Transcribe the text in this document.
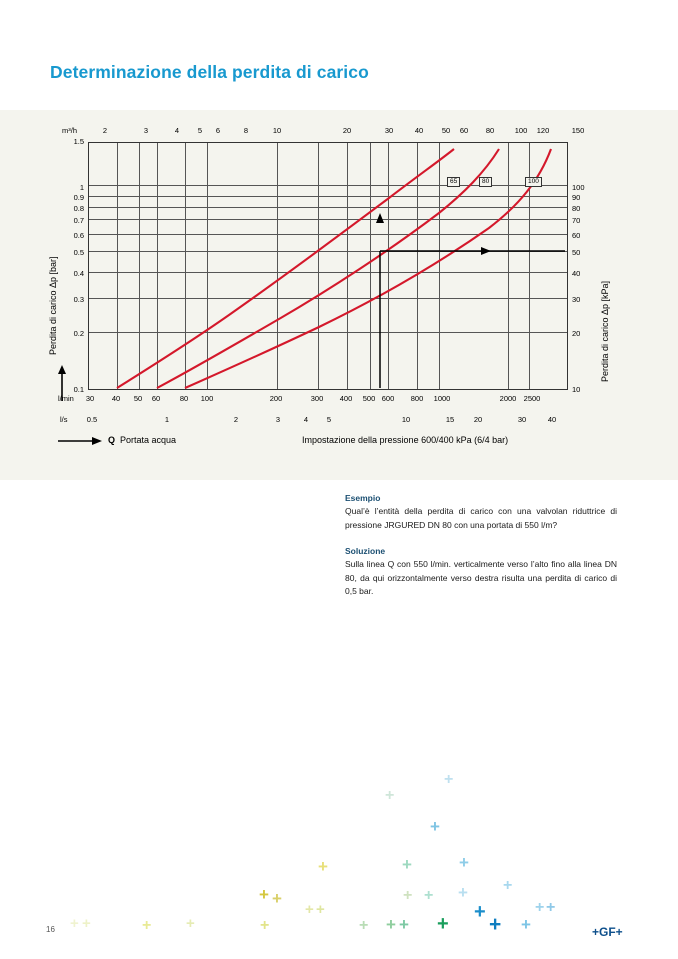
Determinazione della perdita di carico
m³/h	2	3	4	5 6	8	10	20	30	40 50 60 80	100 120	150
1.5
1
0.9
0.8
0.7
0.6
0.5
0.4
0.3
0.2
0.1
100
90
80
70
60
50
40
30
20
10
Perdita di carico Δp [bar]	Perdita di carico Δp [kPa]
65	80	100
l/min 30 40 50 60	80 100	200	300 400 500 600 800 1000	2000 2500
l/s	0.5	1	2	3	4	5	10	15	20	30	40
Q Portata acqua	Impostazione della pressione 600/400 kPa (6/4 bar)
Esempio
Qual’è l’entità della perdita di carico con una valvolan riduttrice di pressione JRGURED DN 80 con una portata di 550 l/m?
Soluzione
Sulla linea Q con 550 l/min. verticalmente verso l’alto fino alla linea DN 80, da qui orizzontalmente verso destra risulta una perdita di carico di 0,5 bar.
+
+
+
+	+	+
+ +
+ +
+ + + +
+ +
+ +	+ +	+	+ + + +
+
+ +
16	+GF+
